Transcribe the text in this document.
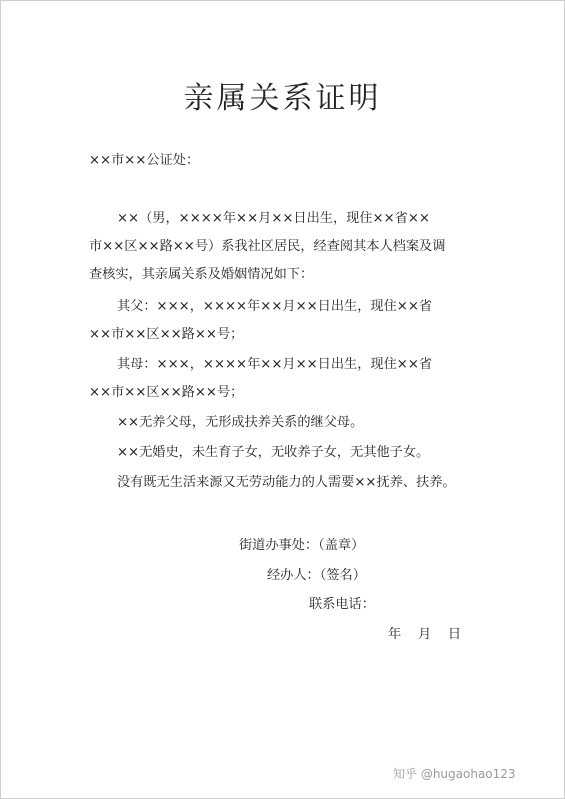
亲属关系证明
××市××公证处：
××（男，××××年××月××日出生，现住××省××
市××区××路××号）系我社区居民，经查阅其本人档案及调
查核实，其亲属关系及婚姻情况如下：
其父：×××，××××年××月××日出生，现住××省
××市××区××路××号；
其母：×××，××××年××月××日出生，现住××省
××市××区××路××号；
××无养父母，无形成扶养关系的继父母。
××无婚史，未生育子女，无收养子女，无其他子女。
没有既无生活来源又无劳动能力的人需要××抚养、扶养。
街道办事处：（盖章）
经办人：（签名）
联系电话：
年    月    日
知乎 @hugaohao123
